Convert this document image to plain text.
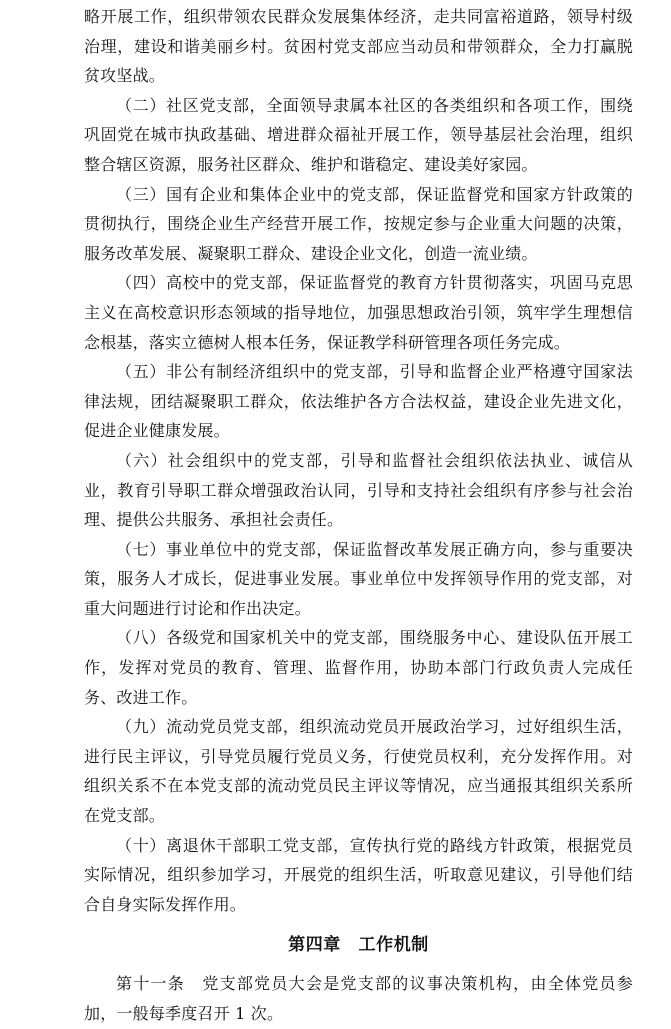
略开展工作，组织带领农民群众发展集体经济，走共同富裕道路，领导村级治理，建设和谐美丽乡村。贫困村党支部应当动员和带领群众，全力打赢脱贫攻坚战。

（二）社区党支部，全面领导隶属本社区的各类组织和各项工作，围绕巩固党在城市执政基础、增进群众福祉开展工作，领导基层社会治理，组织整合辖区资源，服务社区群众、维护和谐稳定、建设美好家园。

（三）国有企业和集体企业中的党支部，保证监督党和国家方针政策的贯彻执行，围绕企业生产经营开展工作，按规定参与企业重大问题的决策，服务改革发展、凝聚职工群众、建设企业文化，创造一流业绩。

（四）高校中的党支部，保证监督党的教育方针贯彻落实，巩固马克思主义在高校意识形态领域的指导地位，加强思想政治引领，筑牢学生理想信念根基，落实立德树人根本任务，保证教学科研管理各项任务完成。

（五）非公有制经济组织中的党支部，引导和监督企业严格遵守国家法律法规，团结凝聚职工群众，依法维护各方合法权益，建设企业先进文化，促进企业健康发展。

（六）社会组织中的党支部，引导和监督社会组织依法执业、诚信从业，教育引导职工群众增强政治认同，引导和支持社会组织有序参与社会治理、提供公共服务、承担社会责任。

（七）事业单位中的党支部，保证监督改革发展正确方向，参与重要决策，服务人才成长，促进事业发展。事业单位中发挥领导作用的党支部，对重大问题进行讨论和作出决定。

（八）各级党和国家机关中的党支部，围绕服务中心、建设队伍开展工作，发挥对党员的教育、管理、监督作用，协助本部门行政负责人完成任务、改进工作。

（九）流动党员党支部，组织流动党员开展政治学习，过好组织生活，进行民主评议，引导党员履行党员义务，行使党员权利，充分发挥作用。对组织关系不在本党支部的流动党员民主评议等情况，应当通报其组织关系所在党支部。

（十）离退休干部职工党支部，宣传执行党的路线方针政策，根据党员实际情况，组织参加学习，开展党的组织生活，听取意见建议，引导他们结合自身实际发挥作用。

第四章　工作机制

第十一条　党支部党员大会是党支部的议事决策机构，由全体党员参加，一般每季度召开 1 次。
